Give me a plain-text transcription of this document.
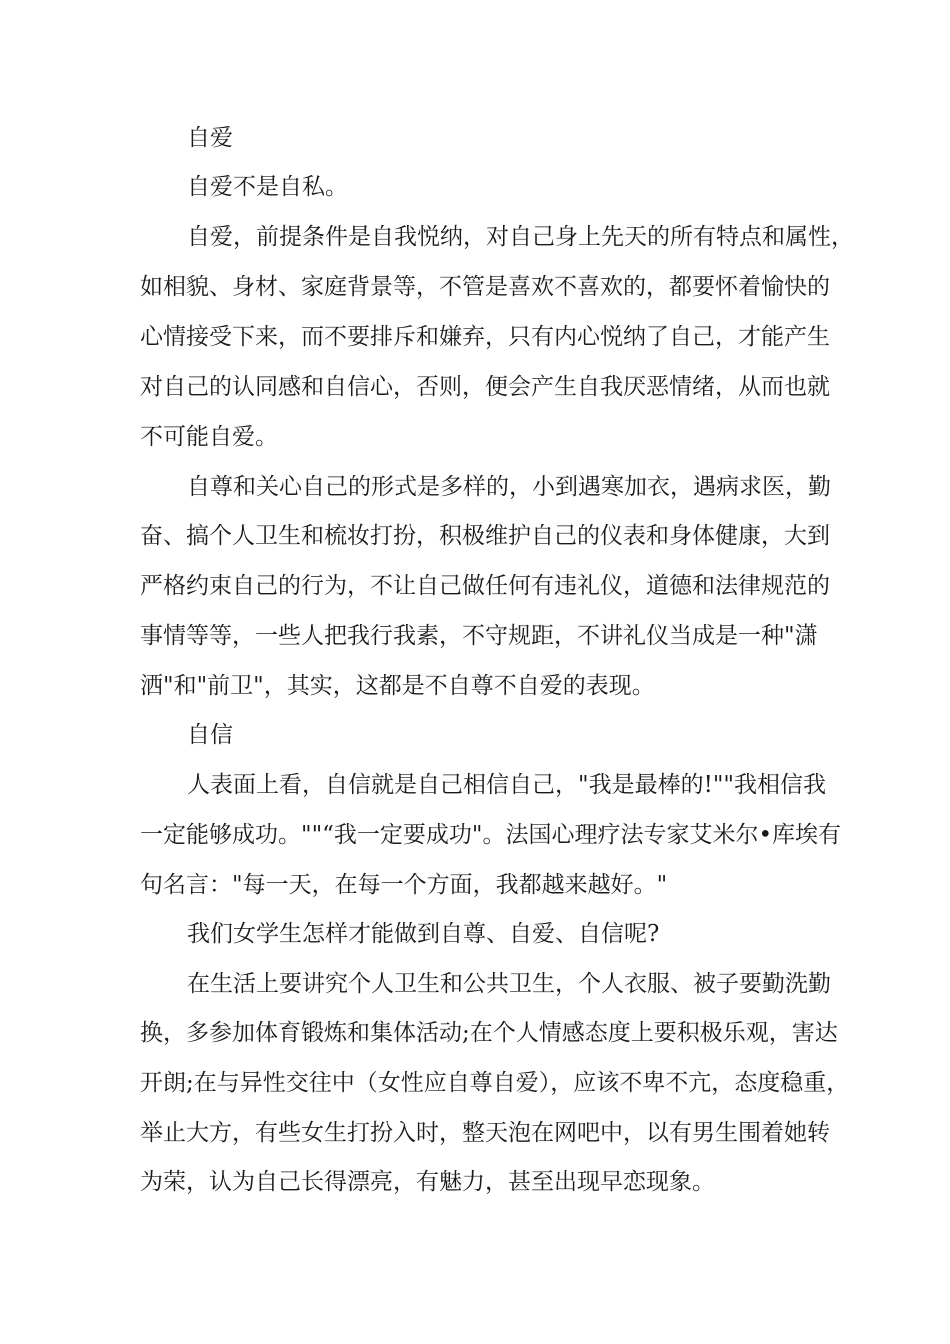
自爱

自爱不是自私。

自爱，前提条件是自我悦纳，对自己身上先天的所有特点和属性，

如相貌、身材、家庭背景等，不管是喜欢不喜欢的，都要怀着愉快的

心情接受下来，而不要排斥和嫌弃，只有内心悦纳了自己，才能产生

对自己的认同感和自信心，否则，便会产生自我厌恶情绪，从而也就

不可能自爱。

自尊和关心自己的形式是多样的，小到遇寒加衣，遇病求医，勤

奋、搞个人卫生和梳妆打扮，积极维护自己的仪表和身体健康，大到

严格约束自己的行为，不让自己做任何有违礼仪，道德和法律规范的

事情等等，一些人把我行我素，不守规距，不讲礼仪当成是一种"潇

洒"和"前卫"，其实，这都是不自尊不自爱的表现。

自信

人表面上看，自信就是自己相信自己，"我是最棒的!""我相信我

一定能够成功。""“我一定要成功"。法国心理疗法专家艾米尔•库埃有

句名言："每一天，在每一个方面，我都越来越好。"

我们女学生怎样才能做到自尊、自爱、自信呢?

在生活上要讲究个人卫生和公共卫生，个人衣服、被子要勤洗勤

换，多参加体育锻炼和集体活动;在个人情感态度上要积极乐观，害达

开朗;在与异性交往中（女性应自尊自爱），应该不卑不亢，态度稳重，

举止大方，有些女生打扮入时，整天泡在网吧中，以有男生围着她转

为荣，认为自己长得漂亮，有魅力，甚至出现早恋现象。
